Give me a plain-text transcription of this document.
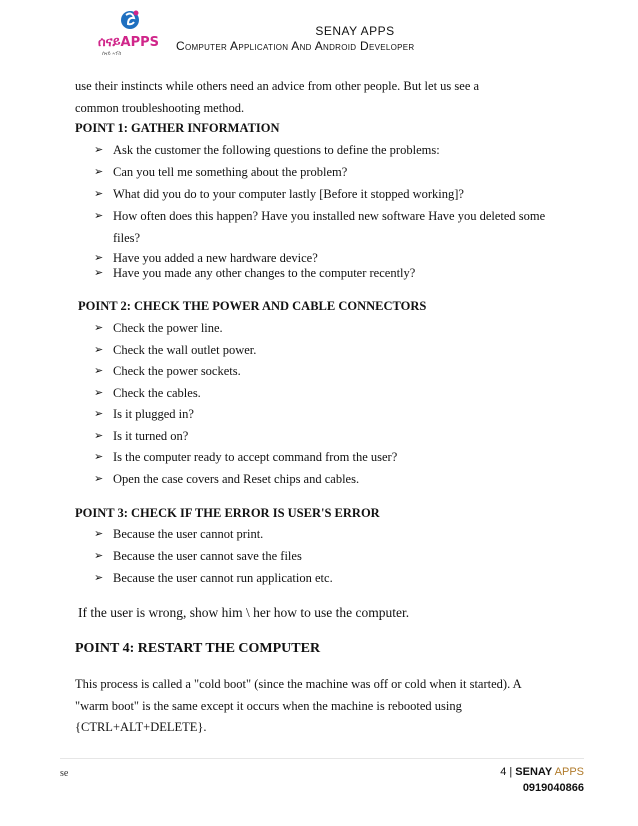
ሰናይAPPS
ሰናይ ኣፕስ
SENAY APPS
Computer Application And Android Developer
use their instincts while others need an advice from other people. But let us see a
common troubleshooting method.
POINT 1: GATHER INFORMATION
➢ Ask the customer the following questions to define the problems:
➢ Can you tell me something about the problem?
➢ What did you do to your computer lastly [Before it stopped working]?
➢ How often does this happen? Have you installed new software Have you deleted some
files?
➢ Have you added a new hardware device?
➢ Have you made any other changes to the computer recently?
POINT 2: CHECK THE POWER AND CABLE CONNECTORS
➢ Check the power line.
➢ Check the wall outlet power.
➢ Check the power sockets.
➢ Check the cables.
➢ Is it plugged in?
➢ Is it turned on?
➢ Is the computer ready to accept command from the user?
➢ Open the case covers and Reset chips and cables.
POINT 3: CHECK IF THE ERROR IS USER'S ERROR
➢ Because the user cannot print.
➢ Because the user cannot save the files
➢ Because the user cannot run application etc.
If the user is wrong, show him \ her how to use the computer.
POINT 4: RESTART THE COMPUTER
This process is called a "cold boot" (since the machine was off or cold when it started). A
"warm boot" is the same except it occurs when the machine is rebooted using
{CTRL+ALT+DELETE}.
se	4 | SENAY APPS
0919040866
